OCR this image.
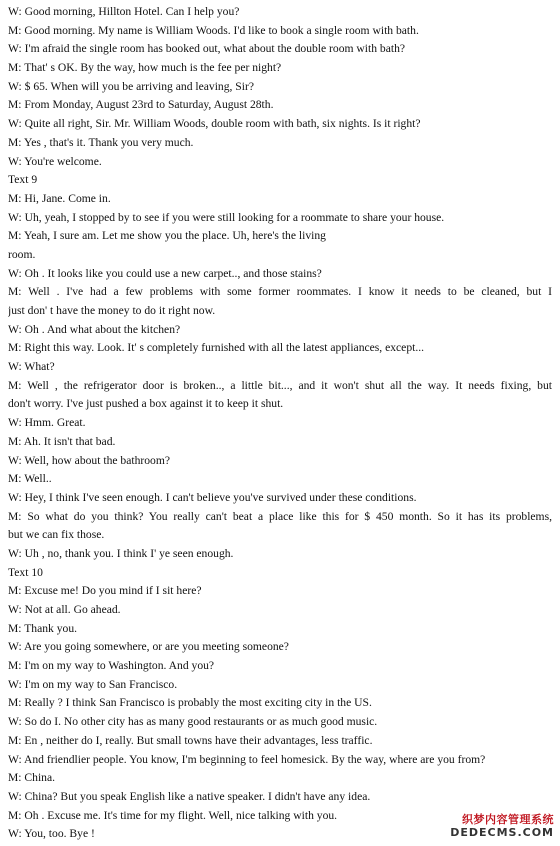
W: Good morning, Hillton Hotel. Can I help you?
M: Good morning. My name is William Woods. I'd like to book a single room with bath.
W: I'm afraid the single room has booked out, what about the double room with bath?
M: That' s OK. By the way, how much is the fee per night?
W: $ 65. When will you be arriving and leaving, Sir?
M: From Monday, August 23rd to Saturday, August 28th.
W: Quite all right, Sir. Mr. William Woods, double room with bath, six nights. Is it right?
M: Yes , that's it. Thank you very much.
W: You're welcome.
Text 9
M: Hi, Jane. Come in.
W: Uh, yeah, I stopped by to see if you were still looking for a roommate to share your house.
M: Yeah, I sure am. Let me show you the place. Uh, here's the living
room.
W: Oh . It looks like you could use a new carpet.., and those stains?
M: Well . I've had a few problems with some former roommates. I know it needs to be cleaned, but I
just don' t have the money to do it right now.
W: Oh . And what about the kitchen?
M: Right this way. Look. It' s completely furnished with all the latest appliances, except...
W: What?
M: Well , the refrigerator door is broken.., a little bit..., and it won't shut all the way. It needs fixing, but
don't worry. I've just pushed a box against it to keep it shut.
W: Hmm. Great.
M: Ah. It isn't that bad.
W: Well, how about the bathroom?
M: Well..
W: Hey, I think I've seen enough. I can't believe you've survived under these conditions.
M: So what do you think? You really can't beat a place like this for $ 450 month. So it has its problems,
but we can fix those.
W: Uh , no, thank you. I think I' ye seen enough.
Text 10
M: Excuse me! Do you mind if I sit here?
W: Not at all. Go ahead.
M: Thank you.
W: Are you going somewhere, or are you meeting someone?
M: I'm on my way to Washington. And you?
W: I'm on my way to San Francisco.
M: Really ? I think San Francisco is probably the most exciting city in the US.
W: So do I. No other city has as many good restaurants or as much good music.
M: En , neither do I, really. But small towns have their advantages, less traffic.
W: And friendlier people. You know, I'm beginning to feel homesick. By the way, where are you from?
M: China.
W: China? But you speak English like a native speaker. I didn't have any idea.
M: Oh . Excuse me. It's time for my flight. Well, nice talking with you.
W: You, too. Bye !
织梦内容管理系统
DEDECMS.COM
